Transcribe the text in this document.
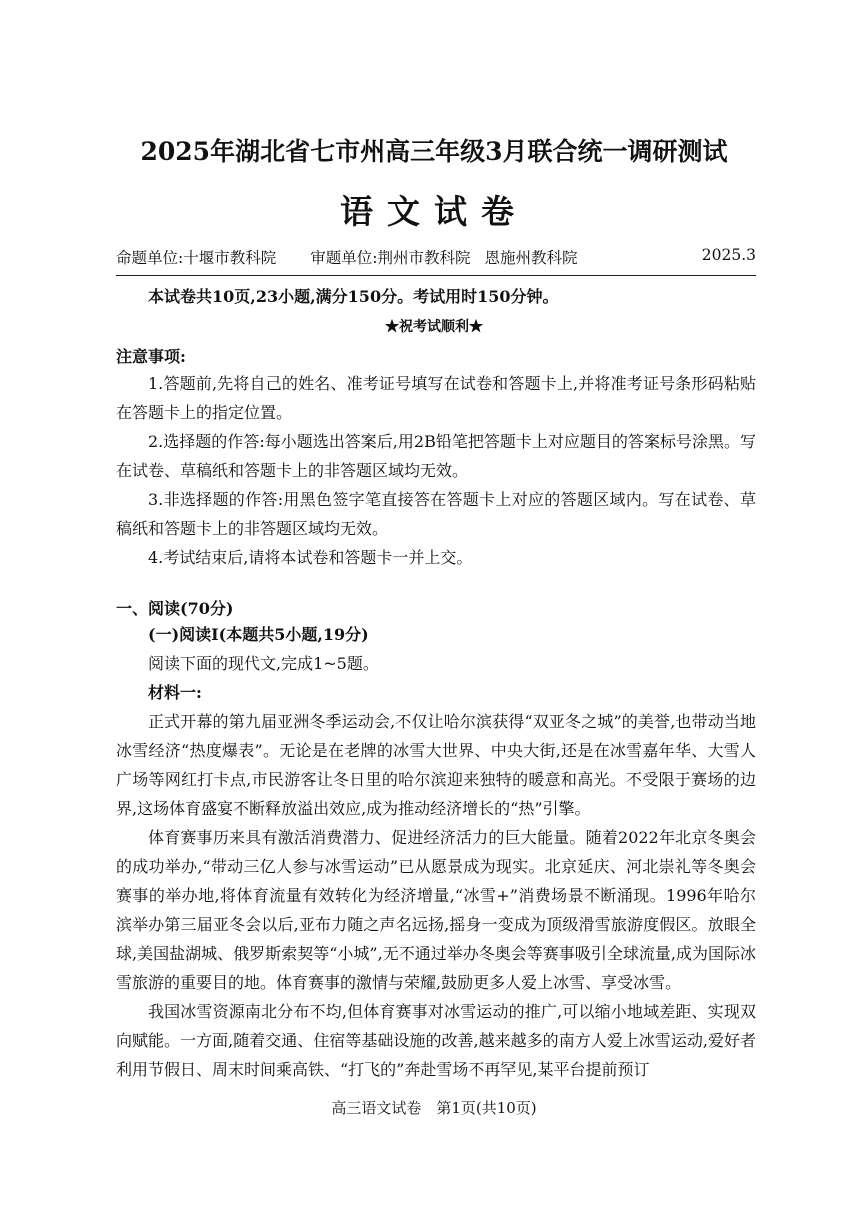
2025年湖北省七市州高三年级3月联合统一调研测试
语文试卷
命题单位:十堰市教科院 审题单位:荆州市教科院 恩施州教科院	2025.3
本试卷共10页,23小题,满分150分。考试用时150分钟。
★祝考试顺利★
注意事项:

1.答题前,先将自己的姓名、准考证号填写在试卷和答题卡上,并将准考证号条形码粘贴在答题卡上的指定位置。

2.选择题的作答:每小题选出答案后,用2B铅笔把答题卡上对应题目的答案标号涂黑。写在试卷、草稿纸和答题卡上的非答题区域均无效。

3.非选择题的作答:用黑色签字笔直接答在答题卡上对应的答题区域内。写在试卷、草稿纸和答题卡上的非答题区域均无效。

4.考试结束后,请将本试卷和答题卡一并上交。

一、阅读(70分)

(一)阅读Ⅰ(本题共5小题,19分)

阅读下面的现代文,完成1~5题。

材料一:

正式开幕的第九届亚洲冬季运动会,不仅让哈尔滨获得“双亚冬之城”的美誉,也带动当地冰雪经济“热度爆表”。无论是在老牌的冰雪大世界、中央大街,还是在冰雪嘉年华、大雪人广场等网红打卡点,市民游客让冬日里的哈尔滨迎来独特的暖意和高光。不受限于赛场的边界,这场体育盛宴不断释放溢出效应,成为推动经济增长的“热”引擎。

体育赛事历来具有激活消费潜力、促进经济活力的巨大能量。随着2022年北京冬奥会的成功举办,“带动三亿人参与冰雪运动”已从愿景成为现实。北京延庆、河北崇礼等冬奥会赛事的举办地,将体育流量有效转化为经济增量,“冰雪+”消费场景不断涌现。1996年哈尔滨举办第三届亚冬会以后,亚布力随之声名远扬,摇身一变成为顶级滑雪旅游度假区。放眼全球,美国盐湖城、俄罗斯索契等“小城”,无不通过举办冬奥会等赛事吸引全球流量,成为国际冰雪旅游的重要目的地。体育赛事的激情与荣耀,鼓励更多人爱上冰雪、享受冰雪。

我国冰雪资源南北分布不均,但体育赛事对冰雪运动的推广,可以缩小地域差距、实现双向赋能。一方面,随着交通、住宿等基础设施的改善,越来越多的南方人爱上冰雪运动,爱好者利用节假日、周末时间乘高铁、“打飞的”奔赴雪场不再罕见,某平台提前预订

高三语文试卷　第1页(共10页)
